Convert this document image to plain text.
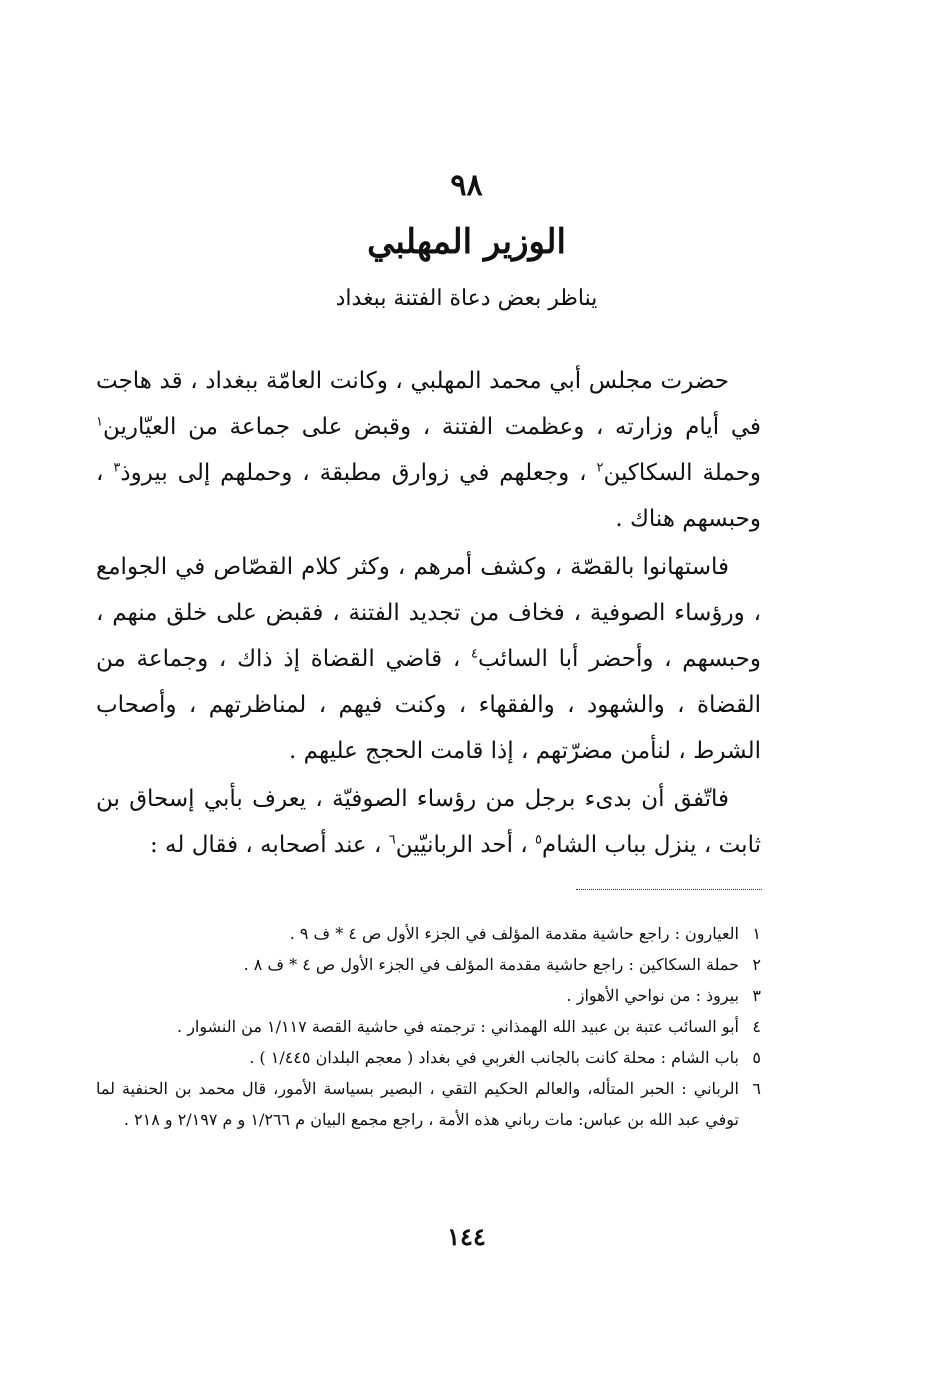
٩٨
الوزير المهلبي
يناظر بعض دعاة الفتنة ببغداد

حضرت مجلس أبي محمد المهلبي ، وكانت العامّة ببغداد ، قد هاجت في أيام وزارته ، وعظمت الفتنة ، وقبض على جماعة من العيّارين$^١$ وحملة السكاكين$^٢$ ، وجعلهم في زوارق مطبقة ، وحملهم إلى بيروذ$^٣$ ، وحبسهم هناك .

فاستهانوا بالقصّة ، وكشف أمرهم ، وكثر كلام القصّاص في الجوامع ، ورؤساء الصوفية ، فخاف من تجديد الفتنة ، فقبض على خلق منهم ، وحبسهم ، وأحضر أبا السائب$^٤$ ، قاضي القضاة إذ ذاك ، وجماعة من القضاة ، والشهود ، والفقهاء ، وكنت فيهم ، لمناظرتهم ، وأصحاب الشرط ، لنأمن مضرّتهم ، إذا قامت الحجج عليهم .

فاتّفق أن بدىء برجل من رؤساء الصوفيّة ، يعرف بأبي إسحاق بن ثابت ، ينزل بباب الشام$^٥$ ، أحد الربانيّين$^٦$ ، عند أصحابه ، فقال له :

١
العيارون : راجع حاشية مقدمة المؤلف في الجزء الأول ص ٤ * ف ٩ .
٢
حملة السكاكين : راجع حاشية مقدمة المؤلف في الجزء الأول ص ٤ * ف ٨ .
٣
بيروذ : من نواحي الأهواز .
٤
أبو السائب عتبة بن عبيد الله الهمذاني : ترجمته في حاشية القصة ١/١١٧ من النشوار .
٥
باب الشام : محلة كانت بالجانب الغربي في بغداد ( معجم البلدان ١/٤٤٥ ) .
٦
الرباني : الحبر المتأله، والعالم الحكيم التقي ، البصير بسياسة الأمور، قال محمد بن الحنفية لما توفي عبد الله بن عباس: مات رباني هذه الأمة ، راجع مجمع البيان م ١/٢٦٦ و م ٢/١٩٧ و ٢١٨ .
١٤٤
